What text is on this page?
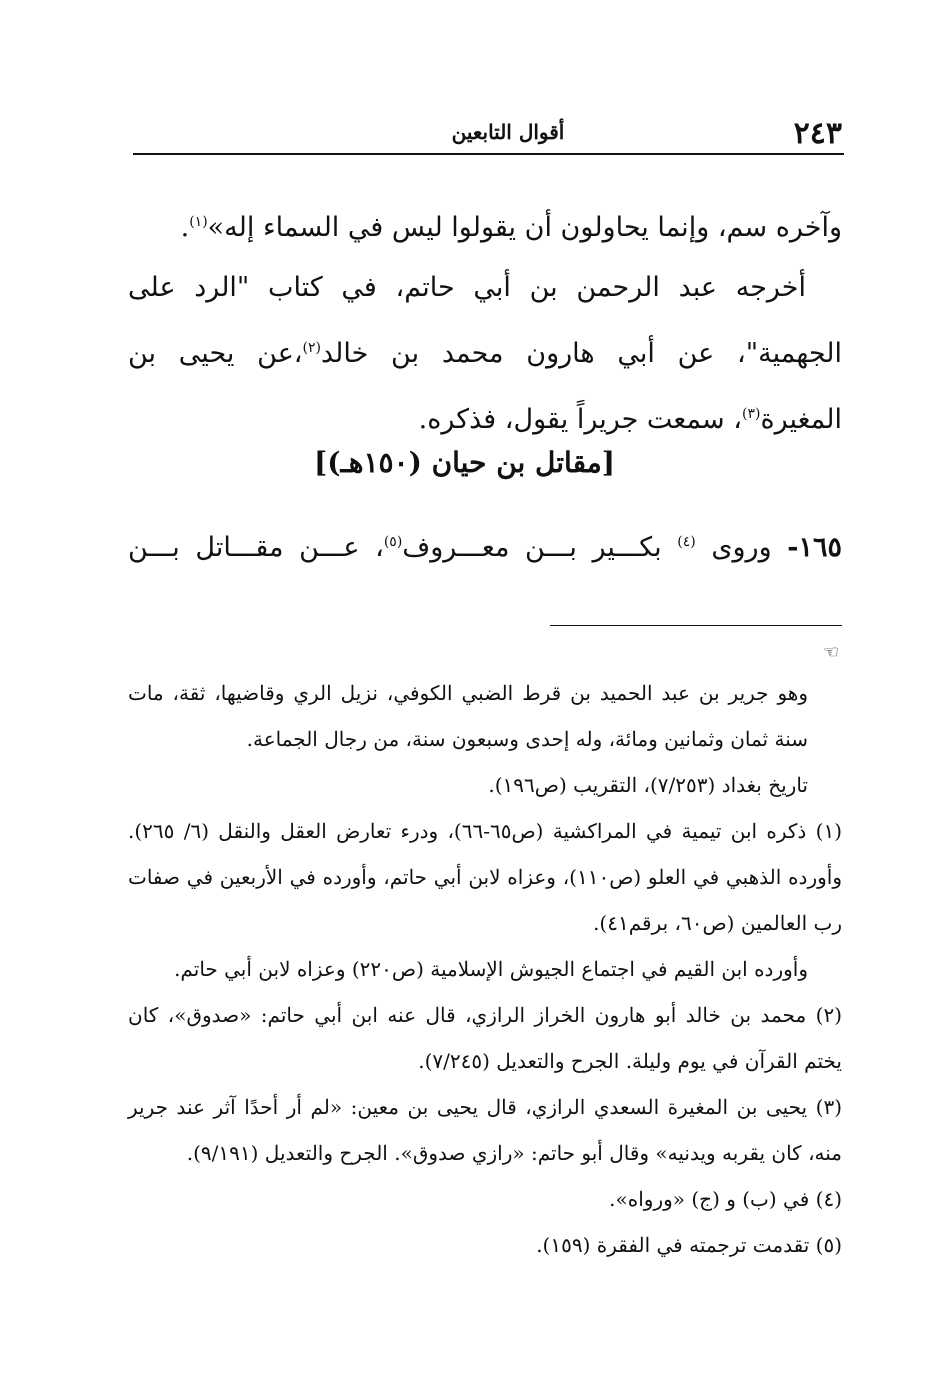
٢٤٣
أقوال التابعين

وآخره سم، وإنما يحاولون أن يقولوا ليس في السماء إله»$^{(١)}$.

أخرجه عبد الرحمن بن أبي حاتم، في كتاب "الرد على الجهمية"، عن أبي هارون محمد بن خالد$^{(٢)}$،عن يحيى بن المغيرة$^{(٣)}$، سمعت جريراً يقول، فذكره.

[مقاتل بن حيان (١٥٠هـ)]
١٦٥- وروى $^{(٤)}$ بكـــير بـــن معـــروف$^{(٥)}$، عـــن مقـــاتل بـــن
☜

وهو جرير بن عبد الحميد بن قرط الضبي الكوفي، نزيل الري وقاضيها، ثقة، مات سنة ثمان وثمانين ومائة، وله إحدى وسبعون سنة، من رجال الجماعة.

تاريخ بغداد (٧/٢٥٣)، التقريب (ص١٩٦).

(١) ذكره ابن تيمية في المراكشية (ص٦٥-٦٦)، ودرء تعارض العقل والنقل (٦/ ٢٦٥). وأورده الذهبي في العلو (ص١١٠)، وعزاه لابن أبي حاتم، وأورده في الأربعين في صفات رب العالمين (ص٦٠، برقم٤١).

وأورده ابن القيم في اجتماع الجيوش الإسلامية (ص٢٢٠) وعزاه لابن أبي حاتم.

(٢) محمد بن خالد أبو هارون الخراز الرازي، قال عنه ابن أبي حاتم: «صدوق»، كان يختم القرآن في يوم وليلة. الجرح والتعديل (٧/٢٤٥).

(٣) يحيى بن المغيرة السعدي الرازي، قال يحيى بن معين: «لم أر أحدًا آثر عند جرير منه، كان يقربه ويدنيه» وقال أبو حاتم: «رازي صدوق». الجرح والتعديل (٩/١٩١).

(٤) في (ب) و (ج) «ورواه».

(٥) تقدمت ترجمته في الفقرة (١٥٩).
